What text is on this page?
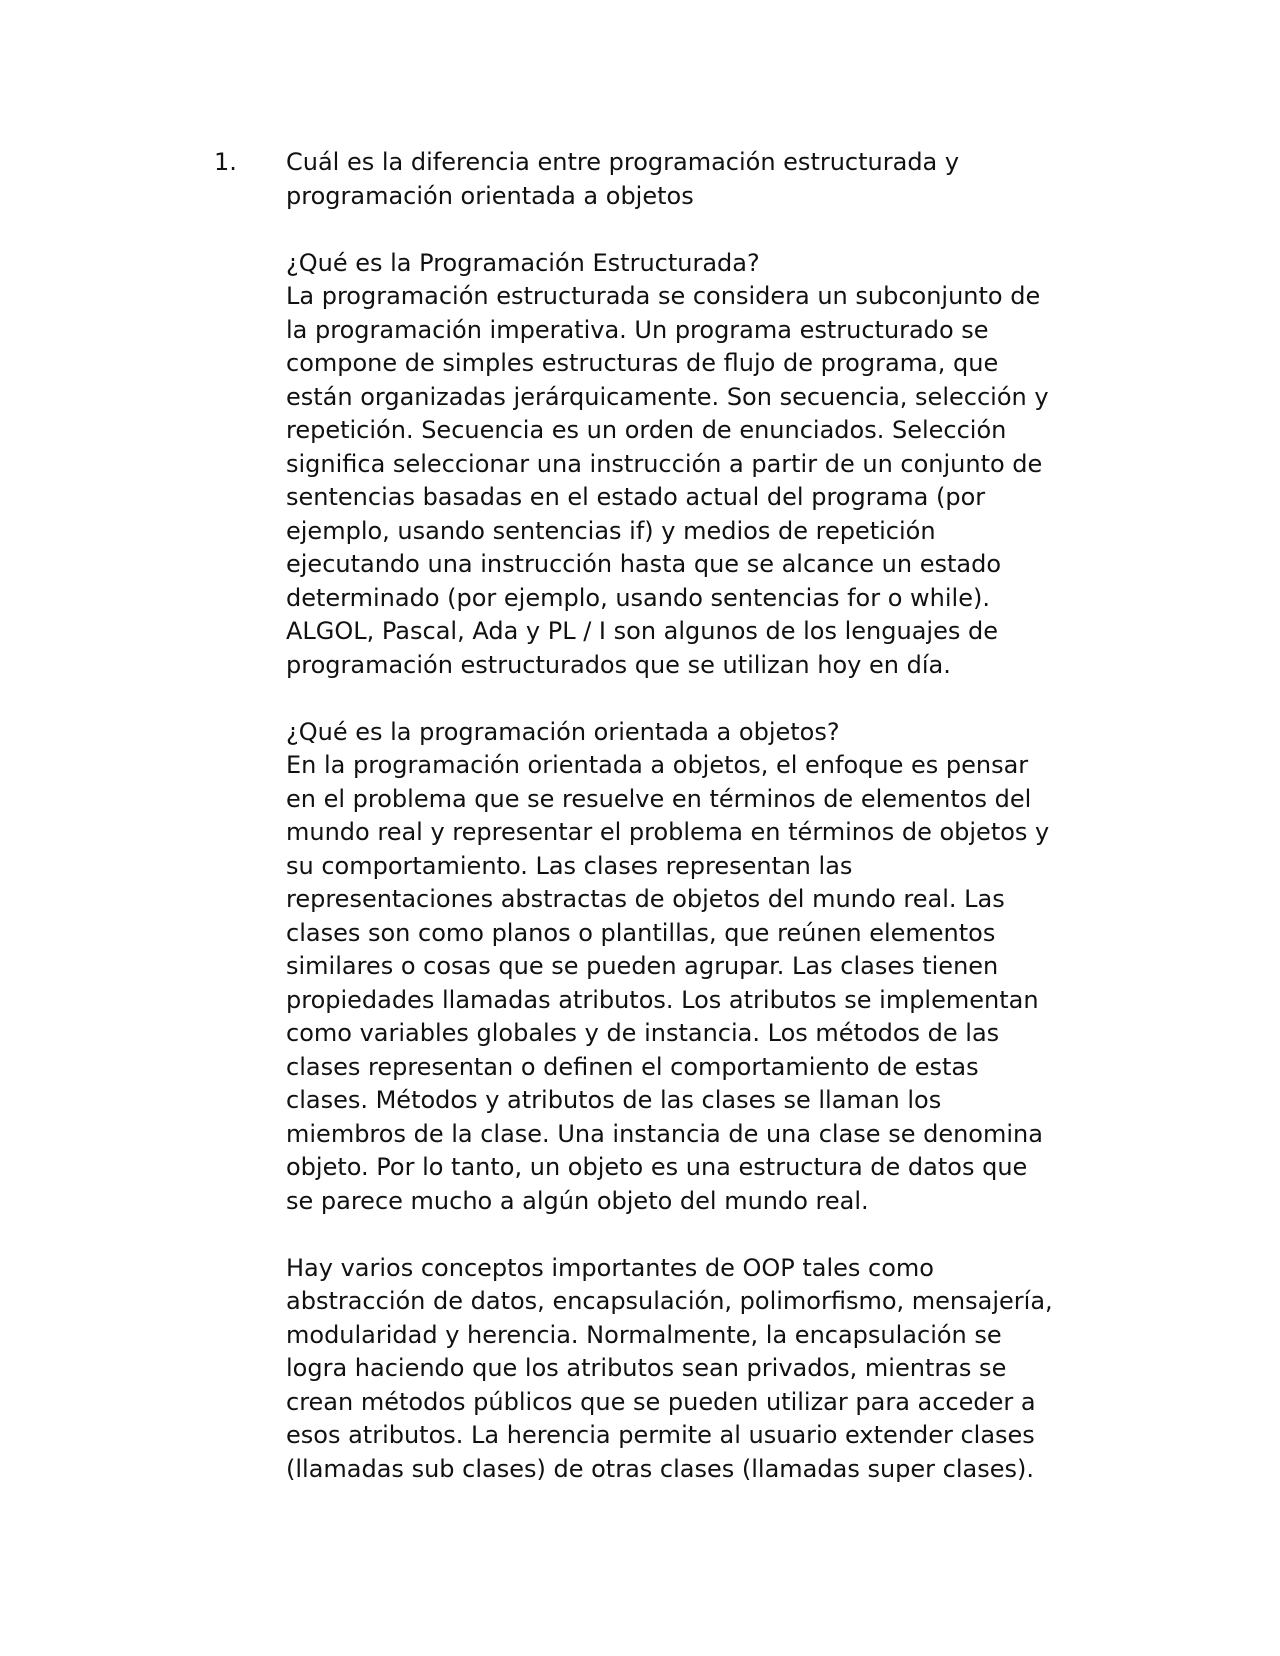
1. Cuál es la diferencia entre programación estructurada y
programación orientada a objetos
¿Qué es la Programación Estructurada?
La programación estructurada se considera un subconjunto de
la programación imperativa. Un programa estructurado se
compone de simples estructuras de flujo de programa, que
están organizadas jerárquicamente. Son secuencia, selección y
repetición. Secuencia es un orden de enunciados. Selección
significa seleccionar una instrucción a partir de un conjunto de
sentencias basadas en el estado actual del programa (por
ejemplo, usando sentencias if) y medios de repetición
ejecutando una instrucción hasta que se alcance un estado
determinado (por ejemplo, usando sentencias for o while).
ALGOL, Pascal, Ada y PL / I son algunos de los lenguajes de
programación estructurados que se utilizan hoy en día.
¿Qué es la programación orientada a objetos?
En la programación orientada a objetos, el enfoque es pensar
en el problema que se resuelve en términos de elementos del
mundo real y representar el problema en términos de objetos y
su comportamiento. Las clases representan las
representaciones abstractas de objetos del mundo real. Las
clases son como planos o plantillas, que reúnen elementos
similares o cosas que se pueden agrupar. Las clases tienen
propiedades llamadas atributos. Los atributos se implementan
como variables globales y de instancia. Los métodos de las
clases representan o definen el comportamiento de estas
clases. Métodos y atributos de las clases se llaman los
miembros de la clase. Una instancia de una clase se denomina
objeto. Por lo tanto, un objeto es una estructura de datos que
se parece mucho a algún objeto del mundo real.
Hay varios conceptos importantes de OOP tales como
abstracción de datos, encapsulación, polimorfismo, mensajería,
modularidad y herencia. Normalmente, la encapsulación se
logra haciendo que los atributos sean privados, mientras se
crean métodos públicos que se pueden utilizar para acceder a
esos atributos. La herencia permite al usuario extender clases
(llamadas sub clases) de otras clases (llamadas super clases).
